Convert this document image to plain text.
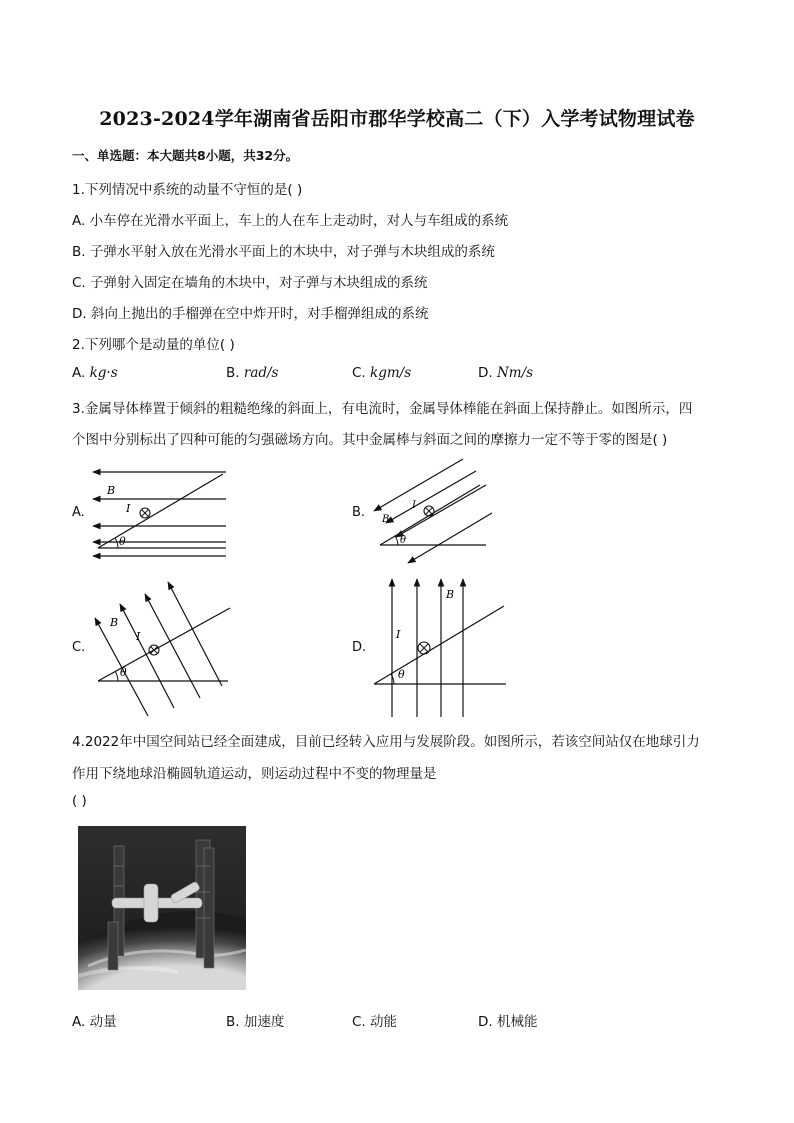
2023-2024学年湖南省岳阳市郡华学校高二（下）入学考试物理试卷
一、单选题：本大题共8小题，共32分。
1.下列情况中系统的动量不守恒的是( )
A. 小车停在光滑水平面上，车上的人在车上走动时，对人与车组成的系统
B. 子弹水平射入放在光滑水平面上的木块中，对子弹与木块组成的系统
C. 子弹射入固定在墙角的木块中，对子弹与木块组成的系统
D. 斜向上抛出的手榴弹在空中炸开时，对手榴弹组成的系统
2.下列哪个是动量的单位( )
A. kg·s	B. rad/s	C. kgm/s	D. Nm/s
3.金属导体棒置于倾斜的粗糙绝缘的斜面上，有电流时，金属导体棒能在斜面上保持静止。如图所示，四
个图中分别标出了四种可能的匀强磁场方向。其中金属棒与斜面之间的摩擦力一定不等于零的图是( )
A.	B.
C.	D.
B
I
θ
B
I
θ
B
I
θ
B
I
θ
4.2022年中国空间站已经全面建成，目前已经转入应用与发展阶段。如图所示，若该空间站仅在地球引力
作用下绕地球沿椭圆轨道运动，则运动过程中不变的物理量是
( )
A. 动量	B. 加速度	C. 动能	D. 机械能
